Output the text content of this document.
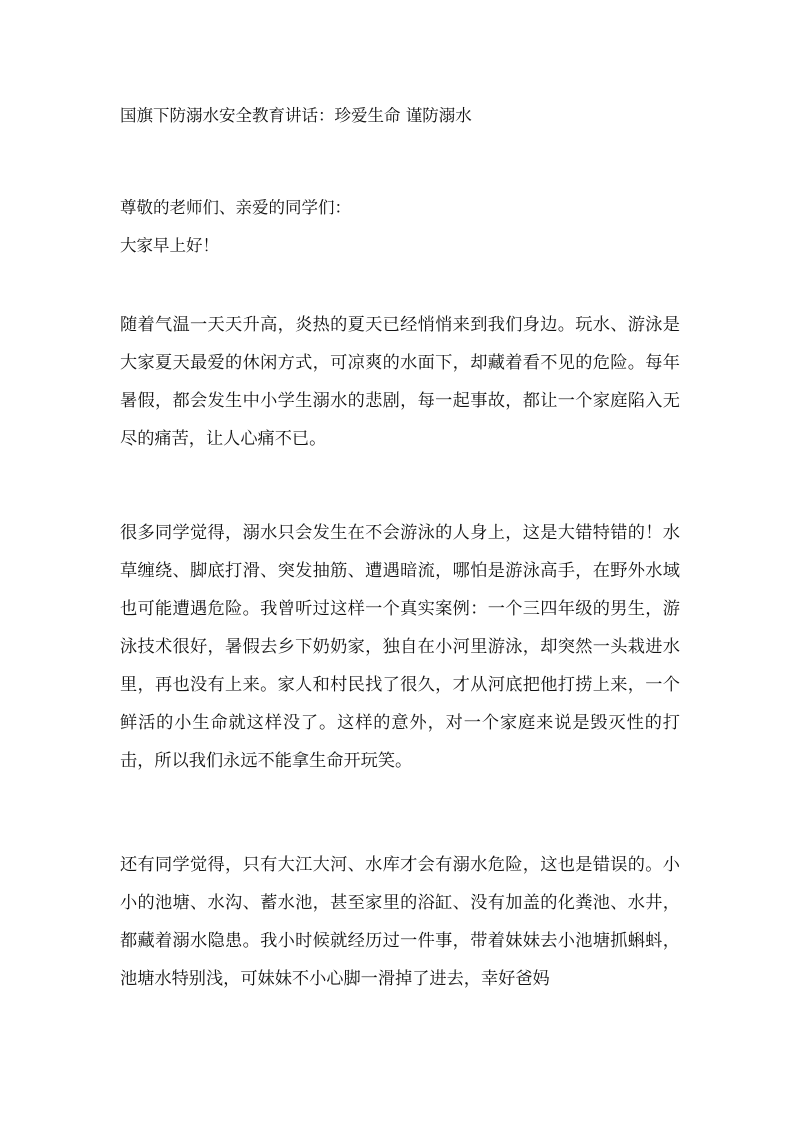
国旗下防溺水安全教育讲话：珍爱生命 谨防溺水

尊敬的老师们、亲爱的同学们：

大家早上好！

随着气温一天天升高，炎热的夏天已经悄悄来到我们身边。玩水、游泳是大家夏天最爱的休闲方式，可凉爽的水面下，却藏着看不见的危险。每年暑假，都会发生中小学生溺水的悲剧，每一起事故，都让一个家庭陷入无尽的痛苦，让人心痛不已。

很多同学觉得，溺水只会发生在不会游泳的人身上，这是大错特错的！水草缠绕、脚底打滑、突发抽筋、遭遇暗流，哪怕是游泳高手，在野外水域也可能遭遇危险。我曾听过这样一个真实案例：一个三四年级的男生，游泳技术很好，暑假去乡下奶奶家，独自在小河里游泳，却突然一头栽进水里，再也没有上来。家人和村民找了很久，才从河底把他打捞上来，一个鲜活的小生命就这样没了。这样的意外，对一个家庭来说是毁灭性的打击，所以我们永远不能拿生命开玩笑。

还有同学觉得，只有大江大河、水库才会有溺水危险，这也是错误的。小小的池塘、水沟、蓄水池，甚至家里的浴缸、没有加盖的化粪池、水井，都藏着溺水隐患。我小时候就经历过一件事，带着妹妹去小池塘抓蝌蚪，池塘水特别浅，可妹妹不小心脚一滑掉了进去，幸好爸妈
